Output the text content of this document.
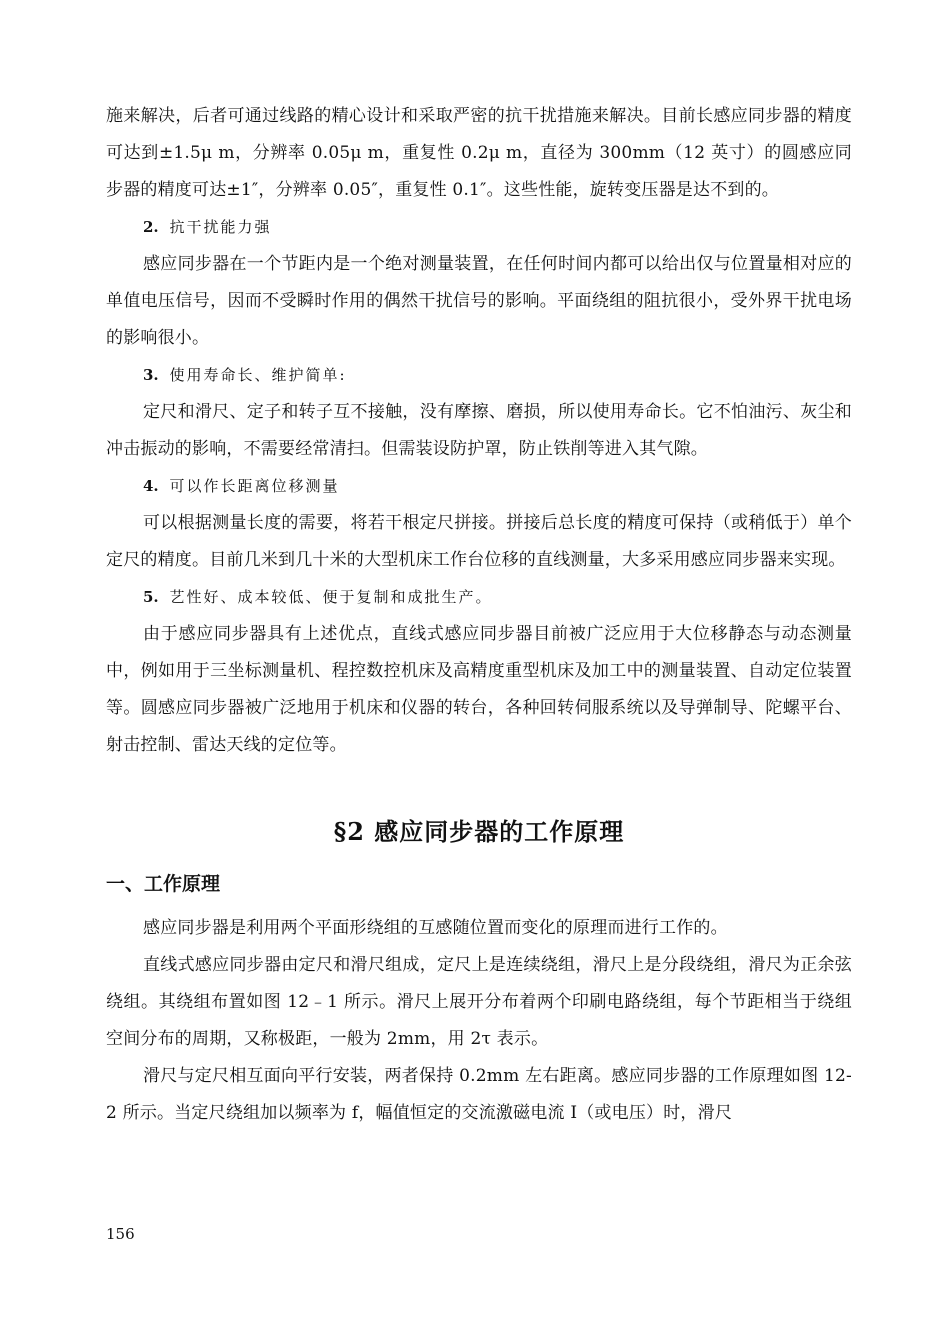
施来解决，后者可通过线路的精心设计和采取严密的抗干扰措施来解决。目前长感应同步器的精度可达到±1.5μ m，分辨率 0.05μ m，重复性 0.2μ m，直径为 300mm（12 英寸）的圆感应同步器的精度可达±1″，分辨率 0.05″，重复性 0.1″。这些性能，旋转变压器是达不到的。

2. 抗干扰能力强

感应同步器在一个节距内是一个绝对测量装置，在任何时间内都可以给出仅与位置量相对应的单值电压信号，因而不受瞬时作用的偶然干扰信号的影响。平面绕组的阻抗很小，受外界干扰电场的影响很小。

3. 使用寿命长、维护简单:

定尺和滑尺、定子和转子互不接触，没有摩擦、磨损，所以使用寿命长。它不怕油污、灰尘和冲击振动的影响，不需要经常清扫。但需装设防护罩，防止铁削等进入其气隙。

4. 可以作长距离位移测量

可以根据测量长度的需要，将若干根定尺拼接。拼接后总长度的精度可保持（或稍低于）单个定尺的精度。目前几米到几十米的大型机床工作台位移的直线测量，大多采用感应同步器来实现。

5. 艺性好、成本较低、便于复制和成批生产。

由于感应同步器具有上述优点，直线式感应同步器目前被广泛应用于大位移静态与动态测量中，例如用于三坐标测量机、程控数控机床及高精度重型机床及加工中的测量装置、自动定位装置等。圆感应同步器被广泛地用于机床和仪器的转台，各种回转伺服系统以及导弹制导、陀螺平台、射击控制、雷达天线的定位等。

§2 感应同步器的工作原理
一、工作原理

感应同步器是利用两个平面形绕组的互感随位置而变化的原理而进行工作的。

直线式感应同步器由定尺和滑尺组成，定尺上是连续绕组，滑尺上是分段绕组，滑尺为正余弦绕组。其绕组布置如图 12﹣1 所示。滑尺上展开分布着两个印刷电路绕组，每个节距相当于绕组空间分布的周期，又称极距，一般为 2mm，用 2τ 表示。

滑尺与定尺相互面向平行安装，两者保持 0.2mm 左右距离。感应同步器的工作原理如图 12-2 所示。当定尺绕组加以频率为 f，幅值恒定的交流激磁电流 I（或电压）时，滑尺

156
